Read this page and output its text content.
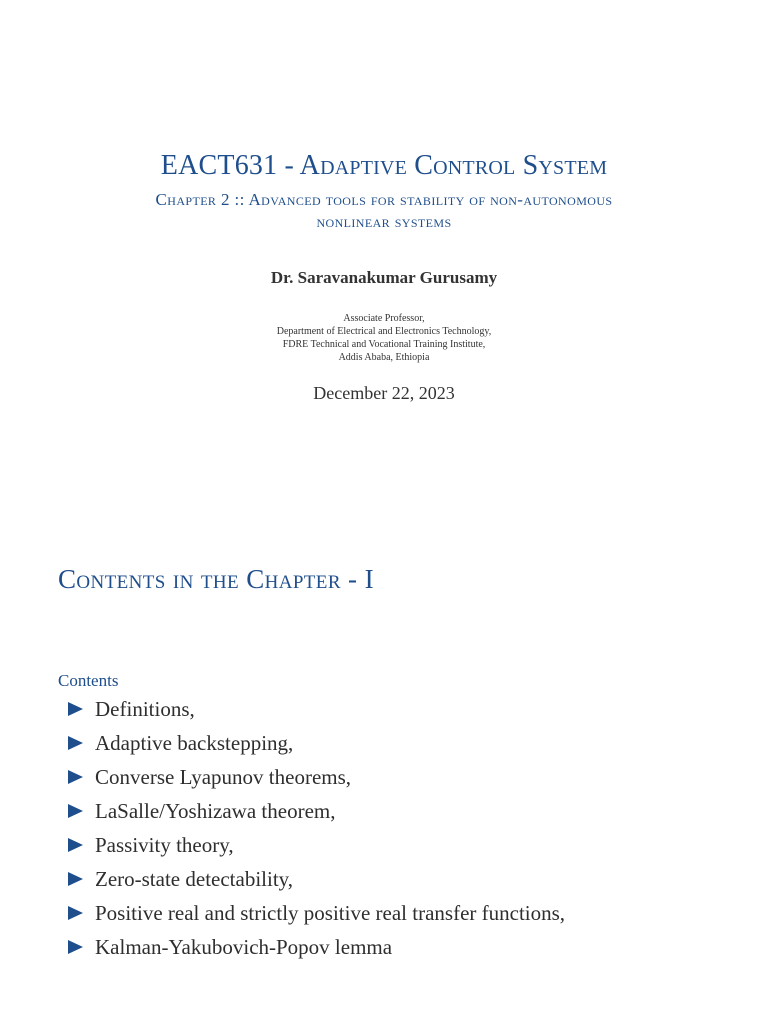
EACT631 - Adaptive Control System
Chapter 2 :: Advanced tools for stability of non-autonomous
nonlinear systems
Dr. Saravanakumar Gurusamy
Associate Professor,
Department of Electrical and Electronics Technology,
FDRE Technical and Vocational Training Institute,
Addis Ababa, Ethiopia
December 22, 2023
Contents in the Chapter - I
Contents
Definitions,
Adaptive backstepping,
Converse Lyapunov theorems,
LaSalle/Yoshizawa theorem,
Passivity theory,
Zero-state detectability,
Positive real and strictly positive real transfer functions,
Kalman-Yakubovich-Popov lemma
